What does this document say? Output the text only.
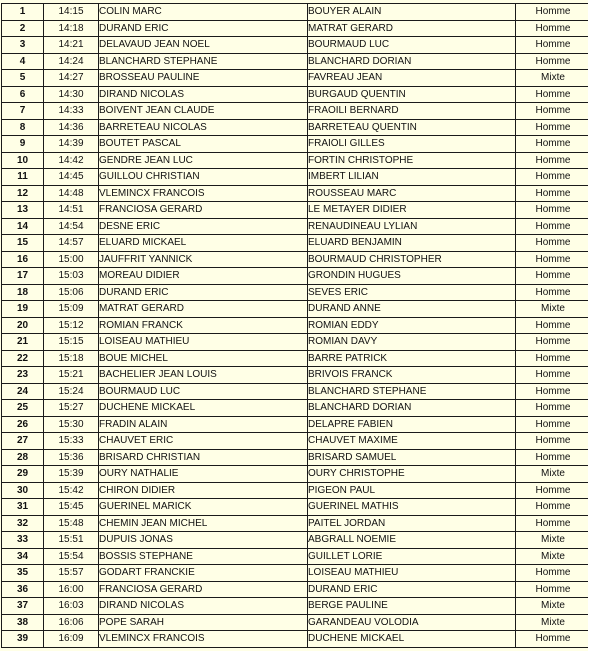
1	14:15	COLIN MARC	BOUYER ALAIN	Homme
2	14:18	DURAND ERIC	MATRAT GERARD	Homme
3	14:21	DELAVAUD JEAN NOEL	BOURMAUD LUC	Homme
4	14:24	BLANCHARD STEPHANE	BLANCHARD DORIAN	Homme
5	14:27	BROSSEAU PAULINE	FAVREAU JEAN	Mixte
6	14:30	DIRAND NICOLAS	BURGAUD QUENTIN	Homme
7	14:33	BOIVENT JEAN CLAUDE	FRAOILI BERNARD	Homme
8	14:36	BARRETEAU NICOLAS	BARRETEAU QUENTIN	Homme
9	14:39	BOUTET PASCAL	FRAIOLI GILLES	Homme
10	14:42	GENDRE JEAN LUC	FORTIN CHRISTOPHE	Homme
11	14:45	GUILLOU CHRISTIAN	IMBERT LILIAN	Homme
12	14:48	VLEMINCX FRANCOIS	ROUSSEAU MARC	Homme
13	14:51	FRANCIOSA GERARD	LE METAYER DIDIER	Homme
14	14:54	DESNE ERIC	RENAUDINEAU LYLIAN	Homme
15	14:57	ELUARD MICKAEL	ELUARD BENJAMIN	Homme
16	15:00	JAUFFRIT YANNICK	BOURMAUD CHRISTOPHER	Homme
17	15:03	MOREAU DIDIER	GRONDIN HUGUES	Homme
18	15:06	DURAND ERIC	SEVES ERIC	Homme
19	15:09	MATRAT GERARD	DURAND ANNE	Mixte
20	15:12	ROMIAN FRANCK	ROMIAN EDDY	Homme
21	15:15	LOISEAU MATHIEU	ROMIAN DAVY	Homme
22	15:18	BOUE MICHEL	BARRE PATRICK	Homme
23	15:21	BACHELIER JEAN LOUIS	BRIVOIS FRANCK	Homme
24	15:24	BOURMAUD LUC	BLANCHARD STEPHANE	Homme
25	15:27	DUCHENE MICKAEL	BLANCHARD DORIAN	Homme
26	15:30	FRADIN ALAIN	DELAPRE FABIEN	Homme
27	15:33	CHAUVET ERIC	CHAUVET MAXIME	Homme
28	15:36	BRISARD CHRISTIAN	BRISARD SAMUEL	Homme
29	15:39	OURY NATHALIE	OURY CHRISTOPHE	Mixte
30	15:42	CHIRON DIDIER	PIGEON PAUL	Homme
31	15:45	GUERINEL MARICK	GUERINEL MATHIS	Homme
32	15:48	CHEMIN JEAN MICHEL	PAITEL JORDAN	Homme
33	15:51	DUPUIS JONAS	ABGRALL NOEMIE	Mixte
34	15:54	BOSSIS STEPHANE	GUILLET LORIE	Mixte
35	15:57	GODART FRANCKIE	LOISEAU MATHIEU	Homme
36	16:00	FRANCIOSA GERARD	DURAND ERIC	Homme
37	16:03	DIRAND NICOLAS	BERGE PAULINE	Mixte
38	16:06	POPE SARAH	GARANDEAU VOLODIA	Mixte
39	16:09	VLEMINCX FRANCOIS	DUCHENE MICKAEL	Homme
